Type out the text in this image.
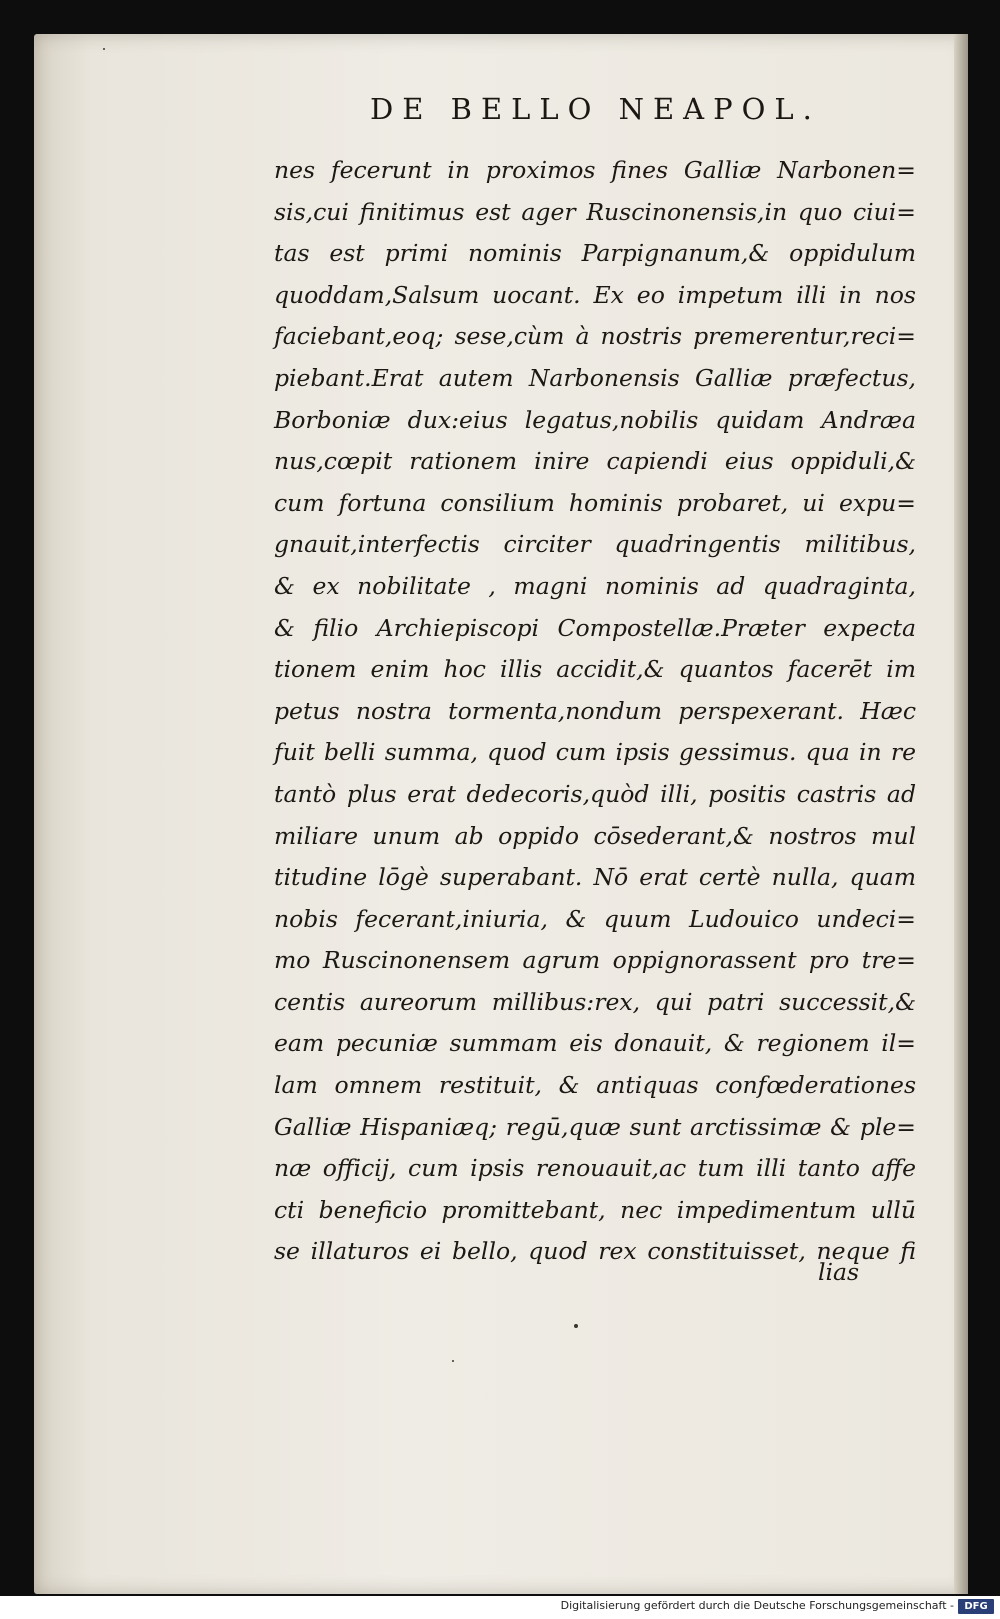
DE BELLO NEAPOL.
nes fecerunt in proximos fines Galliæ Narbonen=
sis,cui finitimus est ager Ruscinonensis,in quo ciui=
tas est primi nominis Parpignanum,& oppidulum
quoddam,Salsum uocant. Ex eo impetum illi in nos
faciebant,eoq; sese,cùm à nostris premerentur,reci=
piebant.Erat autem Narbonensis Galliæ præfectus,
Borboniæ dux:eius legatus,nobilis quidam Andræa
nus,cœpit rationem inire capiendi eius oppiduli,&
cum fortuna consilium hominis probaret, ui expu=
gnauit,interfectis circiter quadringentis militibus,
& ex nobilitate , magni nominis ad quadraginta,
& filio Archiepiscopi Compostellæ.Præter expecta
tionem enim hoc illis accidit,& quantos facerēt im
petus nostra tormenta,nondum perspexerant. Hæc
fuit belli summa, quod cum ipsis gessimus. qua in re
tantò plus erat dedecoris,quòd illi, positis castris ad
miliare unum ab oppido cōsederant,& nostros mul
titudine lōgè superabant. Nō erat certè nulla, quam
nobis fecerant,iniuria, & quum Ludouico undeci=
mo Ruscinonensem agrum oppignorassent pro tre=
centis aureorum millibus:rex, qui patri successit,&
eam pecuniæ summam eis donauit, & regionem il=
lam omnem restituit, & antiquas confœderationes
Galliæ Hispaniæq; regū,quæ sunt arctissimæ & ple=
næ officij, cum ipsis renouauit,ac tum illi tanto affe
cti beneficio promittebant, nec impedimentum ullū
se illaturos ei bello, quod rex constituisset, neque fi
lias
Digitalisierung gefördert durch die Deutsche Forschungsgemeinschaft -	DFG
